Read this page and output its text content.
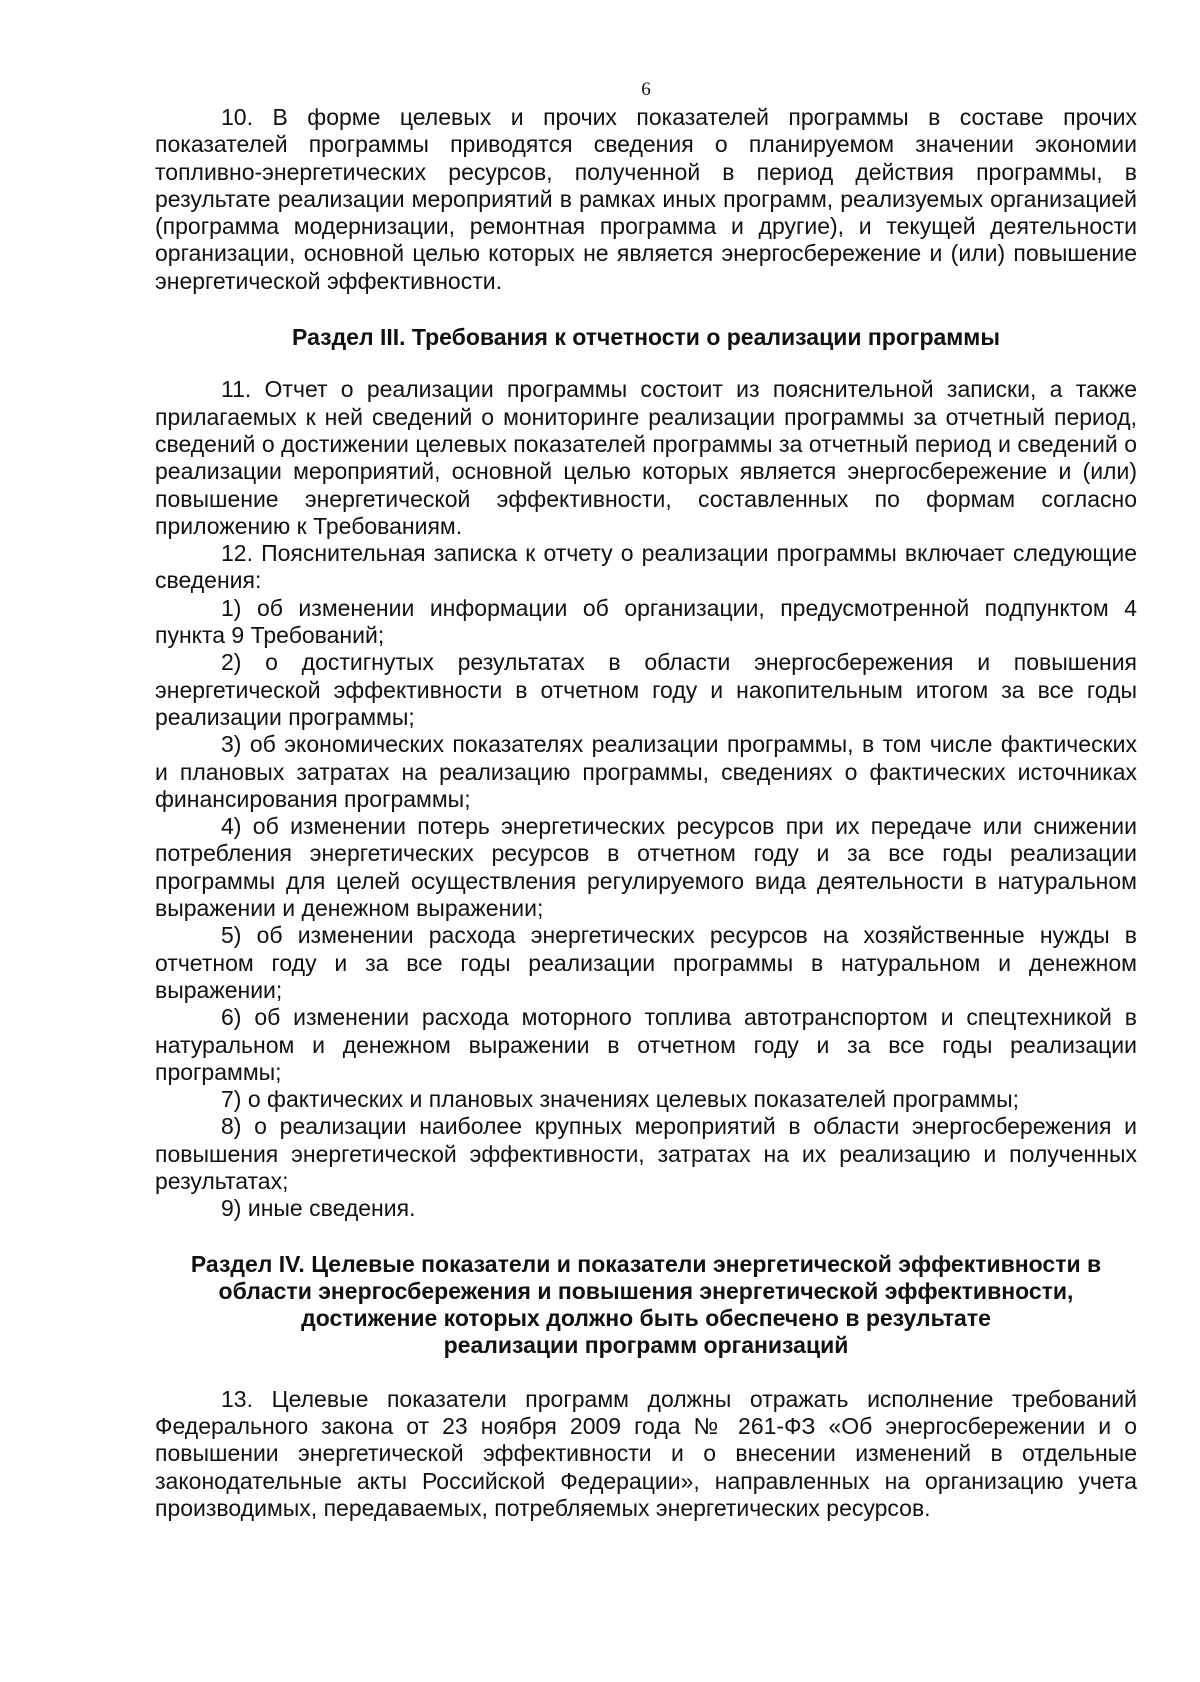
6

10. В форме целевых и прочих показателей программы в составе прочих показателей программы приводятся сведения о планируемом значении экономии топливно-энергетических ресурсов, полученной в период действия программы, в результате реализации мероприятий в рамках иных программ, реализуемых организацией (программа модернизации, ремонтная программа и другие), и текущей деятельности организации, основной целью которых не является энергосбережение и (или) повышение энергетической эффективности.

Раздел III. Требования к отчетности о реализации программы

11. Отчет о реализации программы состоит из пояснительной записки, а также прилагаемых к ней сведений о мониторинге реализации программы за отчетный период, сведений о достижении целевых показателей программы за отчетный период и сведений о реализации мероприятий, основной целью которых является энергосбережение и (или) повышение энергетической эффективности, составленных по формам согласно приложению к Требованиям.

12. Пояснительная записка к отчету о реализации программы включает следующие сведения:

1) об изменении информации об организации, предусмотренной подпунктом 4 пункта 9 Требований;

2) о достигнутых результатах в области энергосбережения и повышения энергетической эффективности в отчетном году и накопительным итогом за все годы реализации программы;

3) об экономических показателях реализации программы, в том числе фактических и плановых затратах на реализацию программы, сведениях о фактических источниках финансирования программы;

4) об изменении потерь энергетических ресурсов при их передаче или снижении потребления энергетических ресурсов в отчетном году и за все годы реализации программы для целей осуществления регулируемого вида деятельности в натуральном выражении и денежном выражении;

5) об изменении расхода энергетических ресурсов на хозяйственные нужды в отчетном году и за все годы реализации программы в натуральном и денежном выражении;

6) об изменении расхода моторного топлива автотранспортом и спецтехникой в натуральном и денежном выражении в отчетном году и за все годы реализации программы;

7) о фактических и плановых значениях целевых показателей программы;

8) о реализации наиболее крупных мероприятий в области энергосбережения и повышения энергетической эффективности, затратах на их реализацию и полученных результатах;

9) иные сведения.

Раздел IV. Целевые показатели и показатели энергетической эффективности в
области энергосбережения и повышения энергетической эффективности,
достижение которых должно быть обеспечено в результате
реализации программ организаций

13. Целевые показатели программ должны отражать исполнение требований Федерального закона от 23 ноября 2009 года № 261-ФЗ «Об энергосбережении и о повышении энергетической эффективности и о внесении изменений в отдельные законодательные акты Российской Федерации», направленных на организацию учета производимых, передаваемых, потребляемых энергетических ресурсов.
